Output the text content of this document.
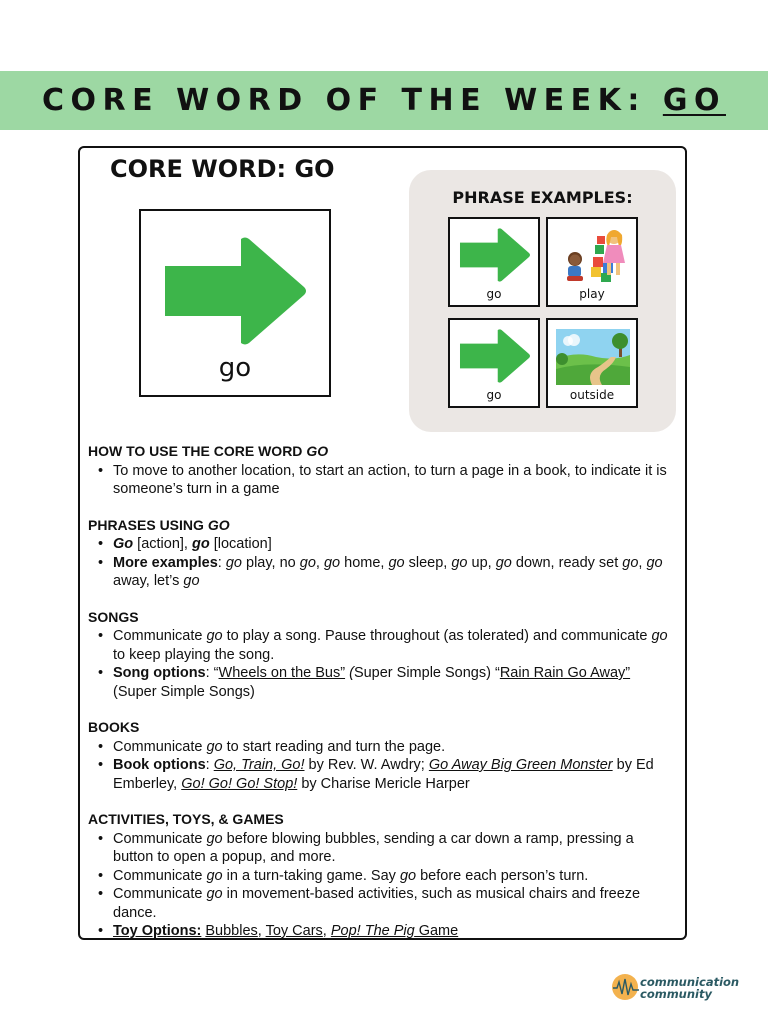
CORE WORD OF THE WEEK: GO
CORE WORD: GO
go
PHRASE EXAMPLES:
go	play
go	outside

HOW TO USE THE CORE WORD GO

• To move to another location, to start an action, to turn a page in a book, to indicate it is someone’s turn in a game

PHRASES USING GO

• Go [action], go [location]
• More examples: go play, no go, go home, go sleep, go up, go down, ready set go, go away, let’s go

SONGS

• Communicate go to play a song. Pause throughout (as tolerated) and communicate go to keep playing the song.
• Song options: “Wheels on the Bus” (Super Simple Songs) “Rain Rain Go Away” (Super Simple Songs)

BOOKS

• Communicate go to start reading and turn the page.
• Book options: Go, Train, Go! by Rev. W. Awdry; Go Away Big Green Monster by Ed Emberley, Go! Go! Go! Stop! by Charise Mericle Harper

ACTIVITIES, TOYS, & GAMES

• Communicate go before blowing bubbles, sending a car down a ramp, pressing a button to open a popup, and more.
• Communicate go in a turn-taking game. Say go before each person’s turn.
• Communicate go in movement-based activities, such as musical chairs and freeze dance.
• Toy Options: Bubbles, Toy Cars, Pop! The Pig Game
communication
community
